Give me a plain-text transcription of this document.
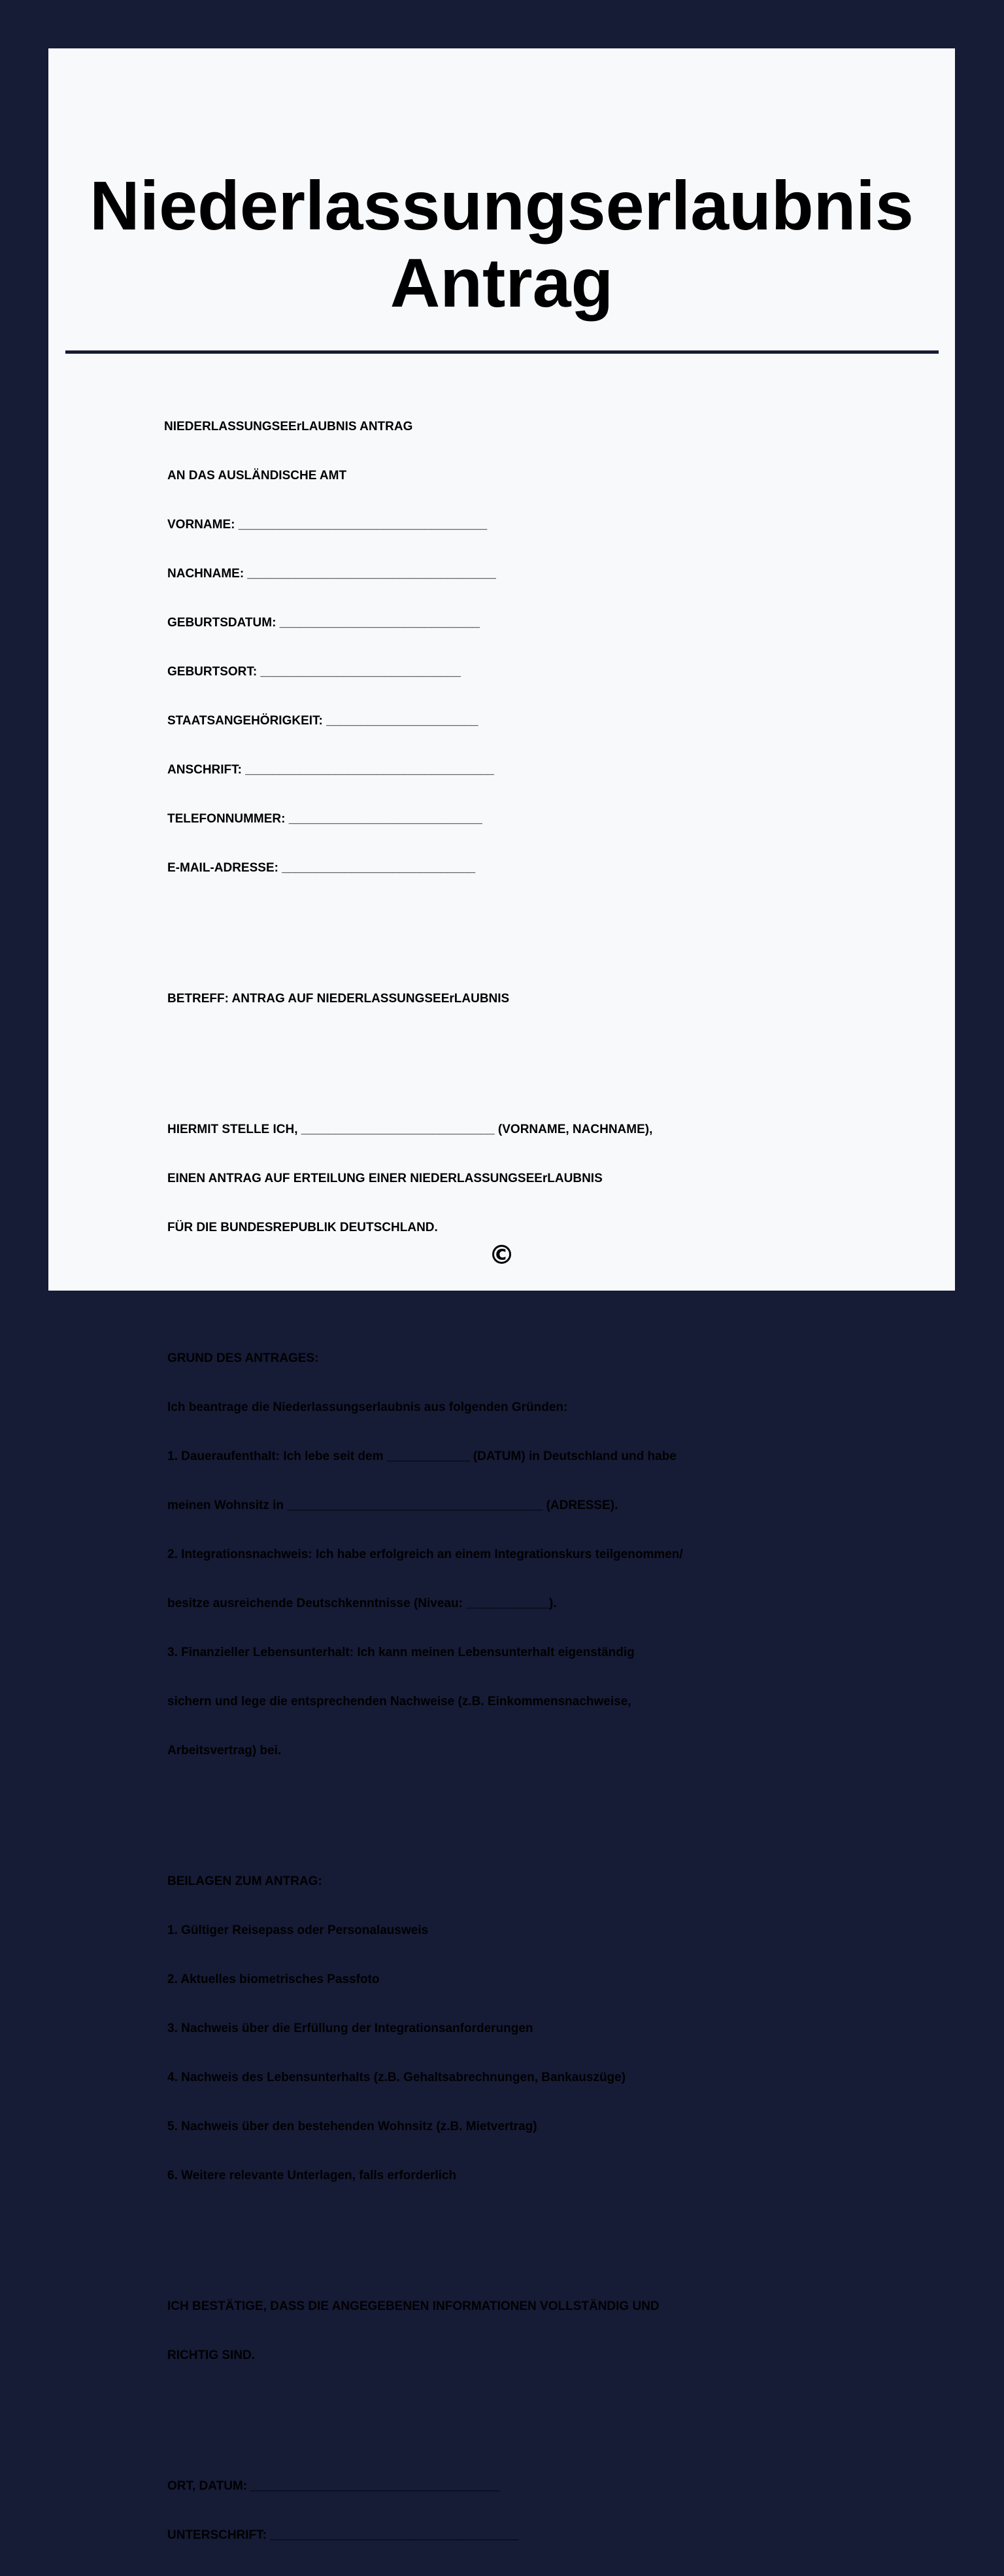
Niederlassungserlaubnis
Antrag

NIEDERLASSUNGSEErLAUBNIS ANTRAG

AN DAS AUSLÄNDISCHE AMT

VORNAME: ____________________________________

NACHNAME: ____________________________________

GEBURTSDATUM: _____________________________

GEBURTSORT: _____________________________

STAATSANGEHÖRIGKEIT: ______________________

ANSCHRIFT: ____________________________________

TELEFONNUMMER: ____________________________

E-MAIL-ADRESSE: ____________________________

BETREFF: ANTRAG AUF NIEDERLASSUNGSEErLAUBNIS

HIERMIT STELLE ICH, ____________________________ (VORNAME, NACHNAME),

EINEN ANTRAG AUF ERTEILUNG EINER NIEDERLASSUNGSEErLAUBNIS

FÜR DIE BUNDESREPUBLIK DEUTSCHLAND.

GRUND DES ANTRAGES:

Ich beantrage die Niederlassungserlaubnis aus folgenden Gründen:

1. Daueraufenthalt: Ich lebe seit dem ____________ (DATUM) in Deutschland und habe

meinen Wohnsitz in _____________________________________ (ADRESSE).

2. Integrationsnachweis: Ich habe erfolgreich an einem Integrationskurs teilgenommen/

besitze ausreichende Deutschkenntnisse (Niveau: ____________).

3. Finanzieller Lebensunterhalt: Ich kann meinen Lebensunterhalt eigenständig

sichern und lege die entsprechenden Nachweise (z.B. Einkommensnachweise,

Arbeitsvertrag) bei.

BEILAGEN ZUM ANTRAG:

1. Gültiger Reisepass oder Personalausweis

2. Aktuelles biometrisches Passfoto

3. Nachweis über die Erfüllung der Integrationsanforderungen

4. Nachweis des Lebensunterhalts (z.B. Gehaltsabrechnungen, Bankauszüge)

5. Nachweis über den bestehenden Wohnsitz (z.B. Mietvertrag)

6. Weitere relevante Unterlagen, falls erforderlich

ICH BESTÄTIGE, DASS DIE ANGEGEBENEN INFORMATIONEN VOLLSTÄNDIG UND

RICHTIG SIND.

ORT, DATUM: ____________________________________

UNTERSCHRIFT: ____________________________________

©
